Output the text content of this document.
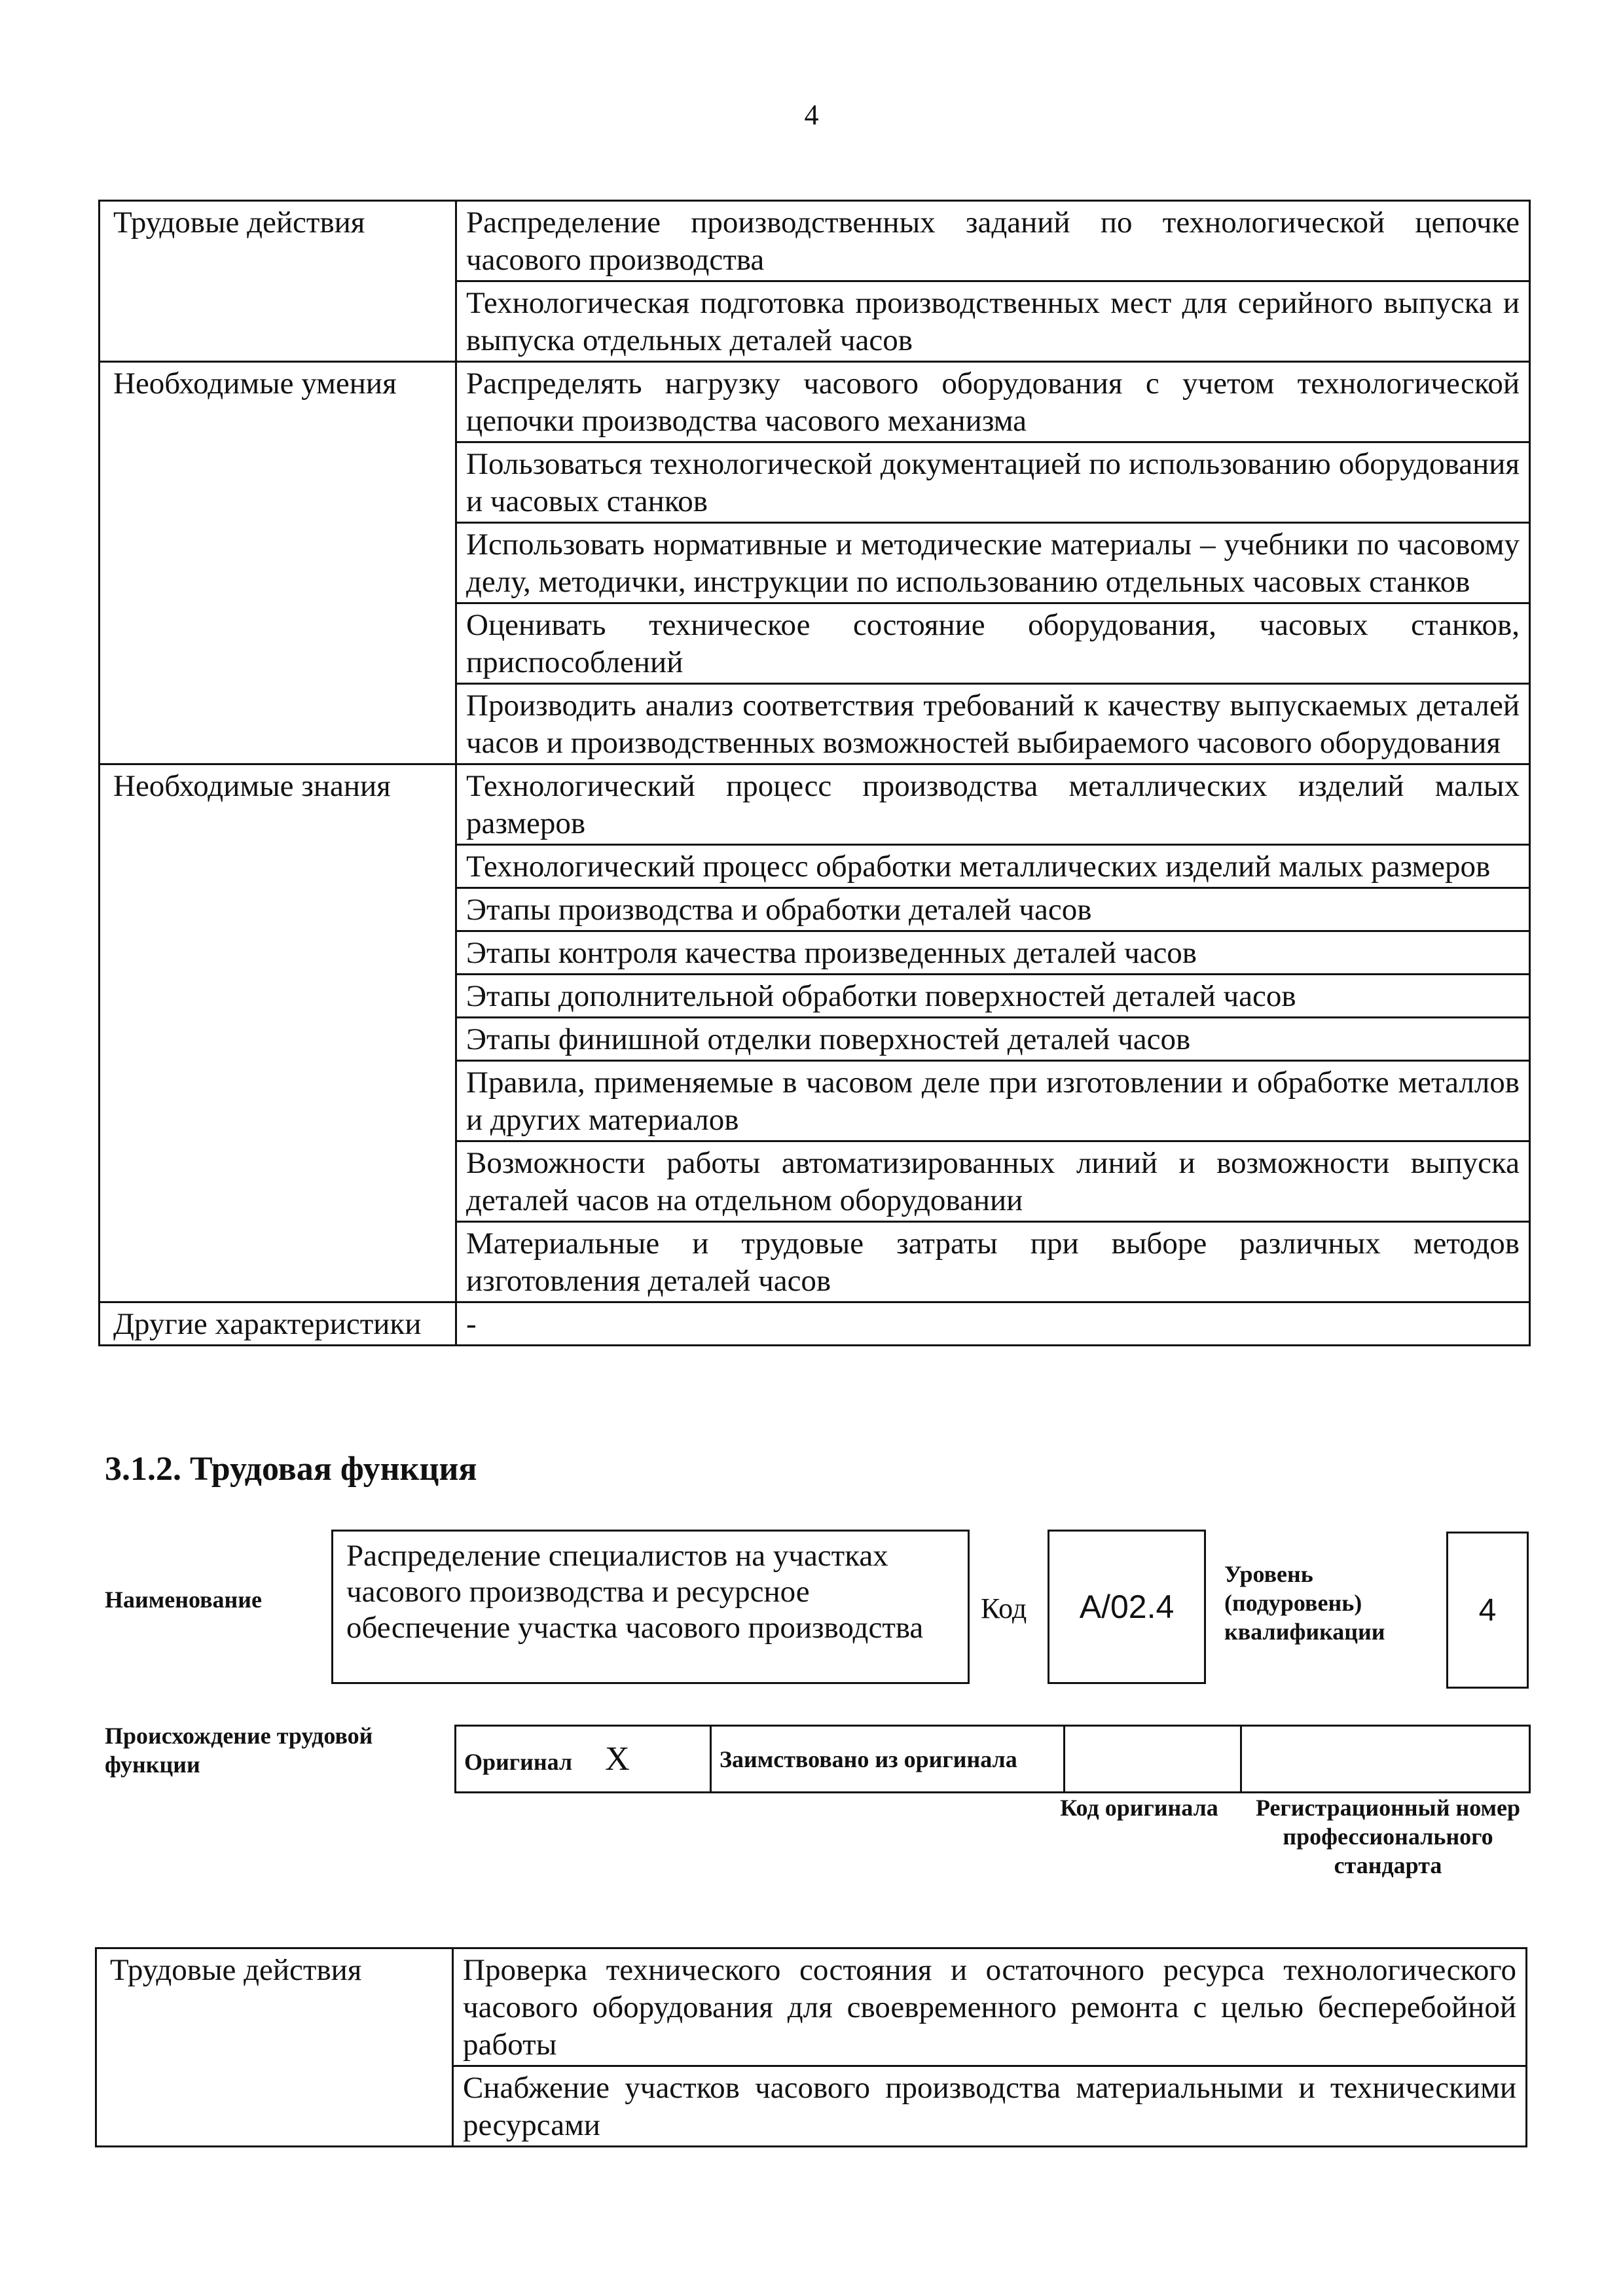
4
Трудовые действия	Распределение производственных заданий по технологической цепочке часового производства
	Технологическая подготовка производственных мест для серийного выпуска и выпуска отдельных деталей часов
Необходимые умения	Распределять нагрузку часового оборудования с учетом технологической цепочки производства часового механизма
	Пользоваться технологической документацией по использованию оборудования и часовых станков
	Использовать нормативные и методические материалы – учебники по часовому делу, методички, инструкции по использованию отдельных часовых станков
	Оценивать техническое состояние оборудования, часовых станков, приспособлений
	Производить анализ соответствия требований к качеству выпускаемых деталей часов и производственных возможностей выбираемого часового оборудования
Необходимые знания	Технологический процесс производства металлических изделий малых размеров
	Технологический процесс обработки металлических изделий малых размеров
	Этапы производства и обработки деталей часов
	Этапы контроля качества произведенных деталей часов
	Этапы дополнительной обработки поверхностей деталей часов
	Этапы финишной отделки поверхностей деталей часов
	Правила, применяемые в часовом деле при изготовлении и обработке металлов и других материалов
	Возможности работы автоматизированных линий и возможности выпуска деталей часов на отдельном оборудовании
	Материальные и трудовые затраты при выборе различных методов изготовления деталей часов
Другие характеристики	-
3.1.2. Трудовая функция
Наименование
Распределение специалистов на участках часового производства и ресурсное обеспечение участка часового производства
Код	А/02.4
Уровень (подуровень) квалификации
4
Происхождение трудовой функции	Оригинал Х	Заимствовано из оригинала		
Код оригинала	Регистрационный номер профессионального стандарта
Трудовые действия	Проверка технического состояния и остаточного ресурса технологического часового оборудования для своевременного ремонта с целью бесперебойной работы
Снабжение участков часового производства материальными и техническими ресурсами
